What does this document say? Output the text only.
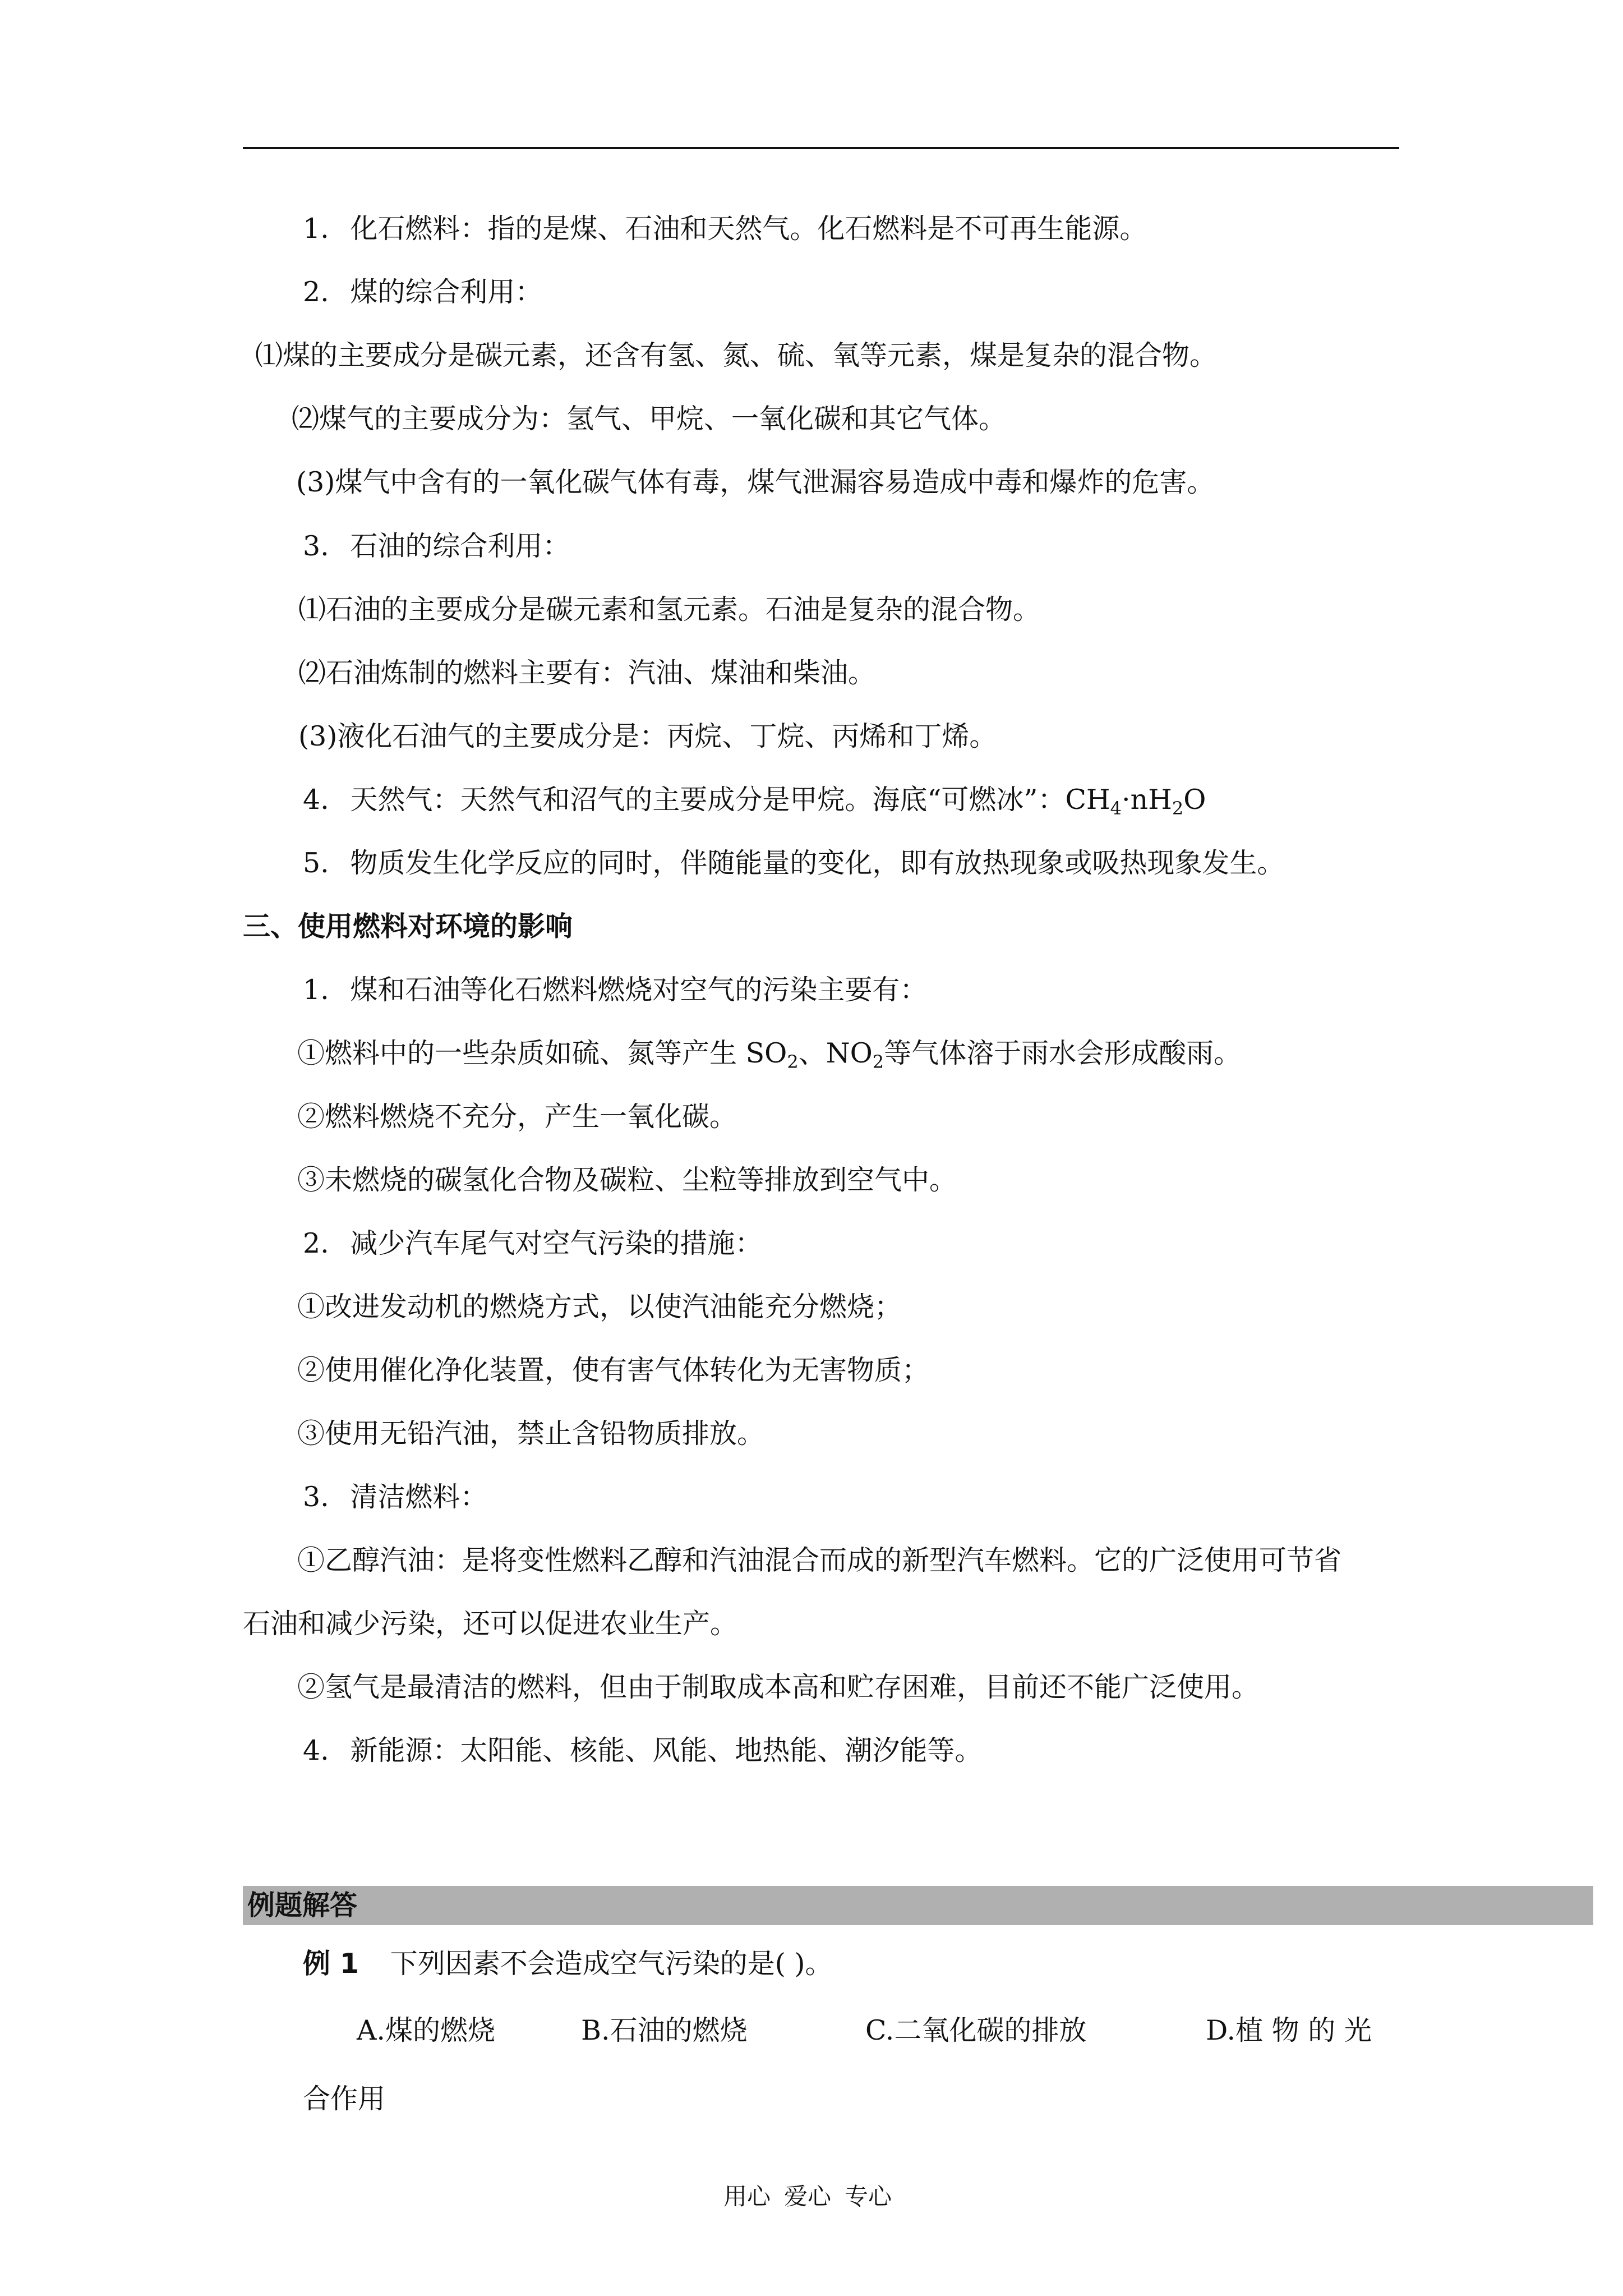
1. 化石燃料：指的是煤、石油和天然气。化石燃料是不可再生能源。
2. 煤的综合利用：
⑴煤的主要成分是碳元素，还含有氢、氮、硫、氧等元素，煤是复杂的混合物。
⑵煤气的主要成分为：氢气、甲烷、一氧化碳和其它气体。
(3)煤气中含有的一氧化碳气体有毒，煤气泄漏容易造成中毒和爆炸的危害。
3. 石油的综合利用：
⑴石油的主要成分是碳元素和氢元素。石油是复杂的混合物。
⑵石油炼制的燃料主要有：汽油、煤油和柴油。
(3)液化石油气的主要成分是：丙烷、丁烷、丙烯和丁烯。
4. 天然气：天然气和沼气的主要成分是甲烷。海底“可燃冰”：$CH_4\cdot nH_2O$
5. 物质发生化学反应的同时，伴随能量的变化，即有放热现象或吸热现象发生。
三、使用燃料对环境的影响
1. 煤和石油等化石燃料燃烧对空气的污染主要有：
①燃料中的一些杂质如硫、氮等产生 $SO_2$、$NO_2$等气体溶于雨水会形成酸雨。
②燃料燃烧不充分，产生一氧化碳。
③未燃烧的碳氢化合物及碳粒、尘粒等排放到空气中。
2. 减少汽车尾气对空气污染的措施：
①改进发动机的燃烧方式，以使汽油能充分燃烧；
②使用催化净化装置，使有害气体转化为无害物质；
③使用无铅汽油，禁止含铅物质排放。
3. 清洁燃料：
①乙醇汽油：是将变性燃料乙醇和汽油混合而成的新型汽车燃料。它的广泛使用可节省
石油和减少污染，还可以促进农业生产。
②氢气是最清洁的燃料，但由于制取成本高和贮存困难，目前还不能广泛使用。
4. 新能源：太阳能、核能、风能、地热能、潮汐能等。
例题解答
例 1 下列因素不会造成空气污染的是( )。
A.煤的燃烧	B.石油的燃烧	C.二氧化碳的排放	D.植 物 的 光
合作用
用心 爱心 专心
